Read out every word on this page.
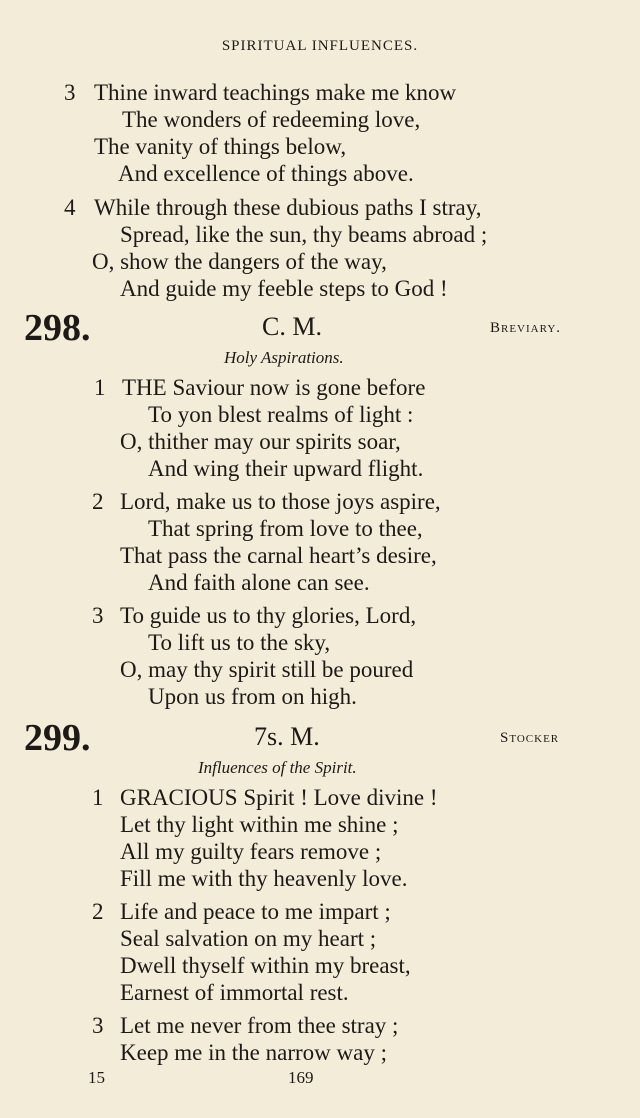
SPIRITUAL INFLUENCES.
3 Thine inward teachings make me know
The wonders of redeeming love,
The vanity of things below,
And excellence of things above.
4 While through these dubious paths I stray,
Spread, like the sun, thy beams abroad ;
O, show the dangers of the way,
And guide my feeble steps to God !
298.	C. M.	Breviary.
Holy Aspirations.
1 THE Saviour now is gone before
To yon blest realms of light :
O, thither may our spirits soar,
And wing their upward flight.
2 Lord, make us to those joys aspire,
That spring from love to thee,
That pass the carnal heart’s desire,
And faith alone can see.
3 To guide us to thy glories, Lord,
To lift us to the sky,
O, may thy spirit still be poured
Upon us from on high.
299.	7s. M.	Stocker
Influences of the Spirit.
1 GRACIOUS Spirit ! Love divine !
Let thy light within me shine ;
All my guilty fears remove ;
Fill me with thy heavenly love.
2 Life and peace to me impart ;
Seal salvation on my heart ;
Dwell thyself within my breast,
Earnest of immortal rest.
3 Let me never from thee stray ;
Keep me in the narrow way ;
15	169
